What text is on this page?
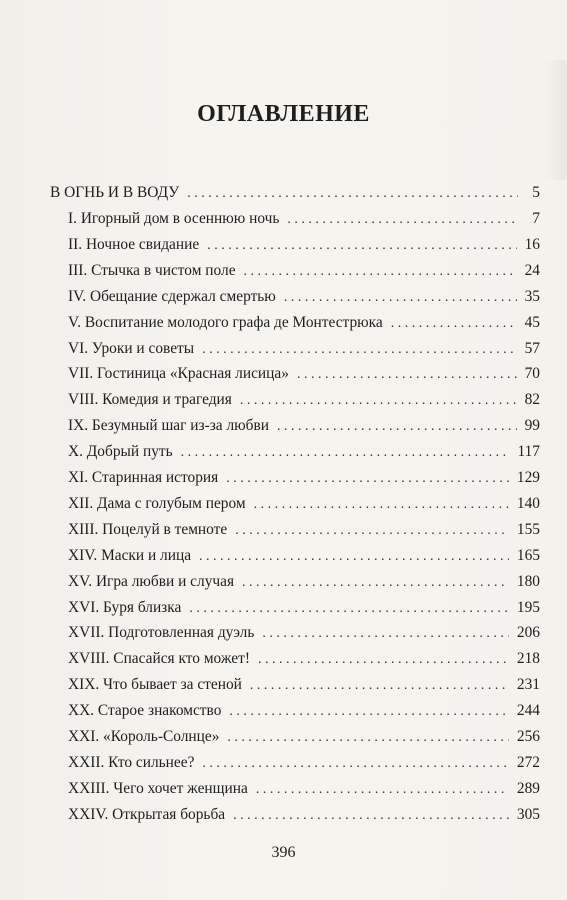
ОГЛАВЛЕНИЕ
В ОГНЬ И В ВОДУ . . .	5
I. Игорный дом в осеннюю ночь . . .	7
II. Ночное свидание . . .	16
III. Стычка в чистом поле . . .	24
IV. Обещание сдержал смертью . . .	35
V. Воспитание молодого графа де Монтестрюка . . .	45
VI. Уроки и советы . . .	57
VII. Гостиница «Красная лисица» . . .	70
VIII. Комедия и трагедия . . .	82
IX. Безумный шаг из-за любви . . .	99
X. Добрый путь . . .	117
XI. Старинная история . . .	129
XII. Дама с голубым пером . . .	140
XIII. Поцелуй в темноте . . .	155
XIV. Маски и лица . . .	165
XV. Игра любви и случая . . .	180
XVI. Буря близка . . .	195
XVII. Подготовленная дуэль . . .	206
XVIII. Спасайся кто может! . . .	218
XIX. Что бывает за стеной . . .	231
XX. Старое знакомство . . .	244
XXI. «Король-Солнце» . . .	256
XXII. Кто сильнее? . . .	272
XXIII. Чего хочет женщина . . .	289
XXIV. Открытая борьба . . .	305
396
